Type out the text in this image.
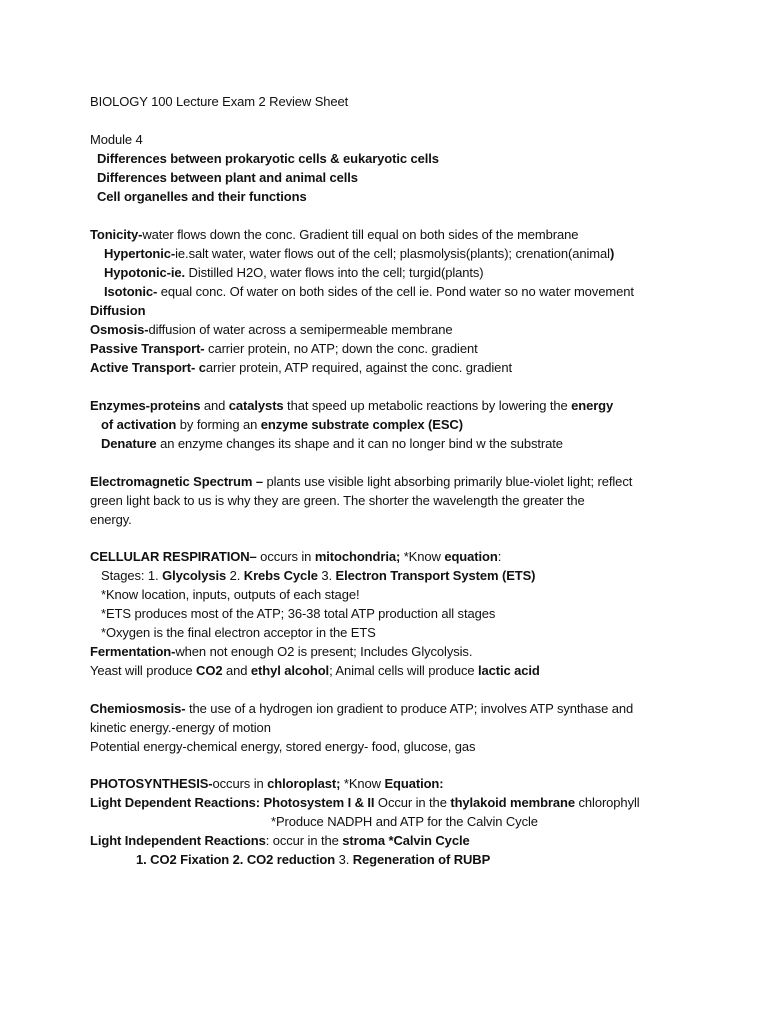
BIOLOGY 100 Lecture Exam 2 Review Sheet
Module 4
Differences between prokaryotic cells & eukaryotic cells
Differences between plant and animal cells
Cell organelles and their functions
Tonicity-water flows down the conc. Gradient till equal on both sides of the membrane
Hypertonic-ie.salt water, water flows out of the cell; plasmolysis(plants); crenation(animal)
Hypotonic-ie. Distilled H2O, water flows into the cell; turgid(plants)
Isotonic- equal conc. Of water on both sides of the cell ie. Pond water so no water movement
Diffusion
Osmosis-diffusion of water across a semipermeable membrane
Passive Transport- carrier protein, no ATP; down the conc. gradient
Active Transport- carrier protein, ATP required, against the conc. gradient
Enzymes-proteins and catalysts that speed up metabolic reactions by lowering the energy
of activation by forming an enzyme substrate complex (ESC)
Denature an enzyme changes its shape and it can no longer bind w the substrate
Electromagnetic Spectrum – plants use visible light absorbing primarily blue-violet light; reflect
green light back to us is why they are green. The shorter the wavelength the greater the
energy.
CELLULAR RESPIRATION– occurs in mitochondria; *Know equation:
Stages: 1. Glycolysis 2. Krebs Cycle 3. Electron Transport System (ETS)
*Know location, inputs, outputs of each stage!
*ETS produces most of the ATP; 36-38 total ATP production all stages
*Oxygen is the final electron acceptor in the ETS
Fermentation-when not enough O2 is present; Includes Glycolysis.
Yeast will produce CO2 and ethyl alcohol; Animal cells will produce lactic acid
Chemiosmosis- the use of a hydrogen ion gradient to produce ATP; involves ATP synthase and
kinetic energy.-energy of motion
Potential energy-chemical energy, stored energy- food, glucose, gas
PHOTOSYNTHESIS-occurs in chloroplast; *Know Equation:
Light Dependent Reactions: Photosystem I & II Occur in the thylakoid membrane chlorophyll
*Produce NADPH and ATP for the Calvin Cycle
Light Independent Reactions: occur in the stroma *Calvin Cycle
1. CO2 Fixation 2. CO2 reduction 3. Regeneration of RUBP
